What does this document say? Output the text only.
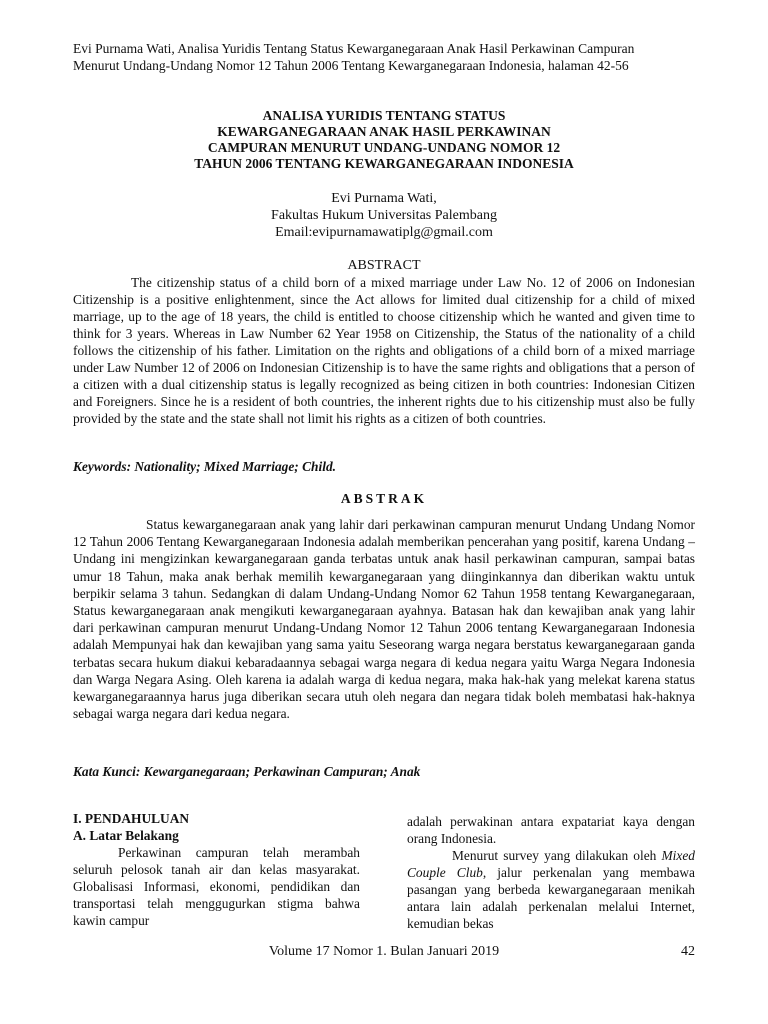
Evi Purnama Wati, Analisa Yuridis Tentang Status Kewarganegaraan Anak Hasil Perkawinan Campuran
Menurut Undang-Undang Nomor 12 Tahun 2006 Tentang Kewarganegaraan Indonesia, halaman 42-56
ANALISA YURIDIS TENTANG STATUS
KEWARGANEGARAAN ANAK HASIL PERKAWINAN
CAMPURAN MENURUT UNDANG-UNDANG NOMOR 12
TAHUN 2006 TENTANG KEWARGANEGARAAN INDONESIA
Evi Purnama Wati,
Fakultas Hukum Universitas Palembang
Email:evipurnamawatiplg@gmail.com
ABSTRACT

The citizenship status of a child born of a mixed marriage under Law No. 12 of 2006 on Indonesian Citizenship is a positive enlightenment, since the Act allows for limited dual citizenship for a child of mixed marriage, up to the age of 18 years, the child is entitled to choose citizenship which he wanted and given time to think for 3 years. Whereas in Law Number 62 Year 1958 on Citizenship, the Status of the nationality of a child follows the citizenship of his father. Limitation on the rights and obligations of a child born of a mixed marriage under Law Number 12 of 2006 on Indonesian Citizenship is to have the same rights and obligations that a person of a citizen with a dual citizenship status is legally recognized as being citizen in both countries: Indonesian Citizen and Foreigners. Since he is a resident of both countries, the inherent rights due to his citizenship must also be fully provided by the state and the state shall not limit his rights as a citizen of both countries.

Keywords: Nationality; Mixed Marriage; Child.
ABSTRAK

Status kewarganegaraan anak yang lahir dari perkawinan campuran menurut Undang Undang Nomor 12 Tahun 2006 Tentang Kewarganegaraan Indonesia adalah memberikan pencerahan yang positif, karena Undang – Undang ini mengizinkan kewarganegaraan ganda terbatas untuk anak hasil perkawinan campuran, sampai batas umur 18 Tahun, maka anak berhak memilih kewarganegaraan yang diinginkannya dan diberikan waktu untuk berpikir selama 3 tahun. Sedangkan di dalam Undang-Undang Nomor 62 Tahun 1958 tentang Kewarganegaraan, Status kewarganegaraan anak mengikuti kewarganegaraan ayahnya. Batasan hak dan kewajiban anak yang lahir dari perkawinan campuran menurut Undang-Undang Nomor 12 Tahun 2006 tentang Kewarganegaraan Indonesia adalah Mempunyai hak dan kewajiban yang sama yaitu Seseorang warga negara berstatus kewarganegaraan ganda terbatas secara hukum diakui kebaradaannya sebagai warga negara di kedua negara yaitu Warga Negara Indonesia dan Warga Negara Asing. Oleh karena ia adalah warga di kedua negara, maka hak-hak yang melekat karena status kewarganegaraannya harus juga diberikan secara utuh oleh negara dan negara tidak boleh membatasi hak-haknya sebagai warga negara dari kedua negara.

Kata Kunci: Kewarganegaraan; Perkawinan Campuran; Anak
I. PENDAHULUAN
A. Latar Belakang

Perkawinan campuran telah merambah seluruh pelosok tanah air dan kelas masyarakat. Globalisasi Informasi, ekonomi, pendidikan dan transportasi telah menggugurkan stigma bahwa kawin campur

adalah perwakinan antara expatariat kaya dengan orang Indonesia.

Menurut survey yang dilakukan oleh Mixed Couple Club, jalur perkenalan yang membawa pasangan yang berbeda kewarganegaraan menikah antara lain adalah perkenalan melalui Internet, kemudian bekas

Volume 17 Nomor 1. Bulan Januari 2019	42
